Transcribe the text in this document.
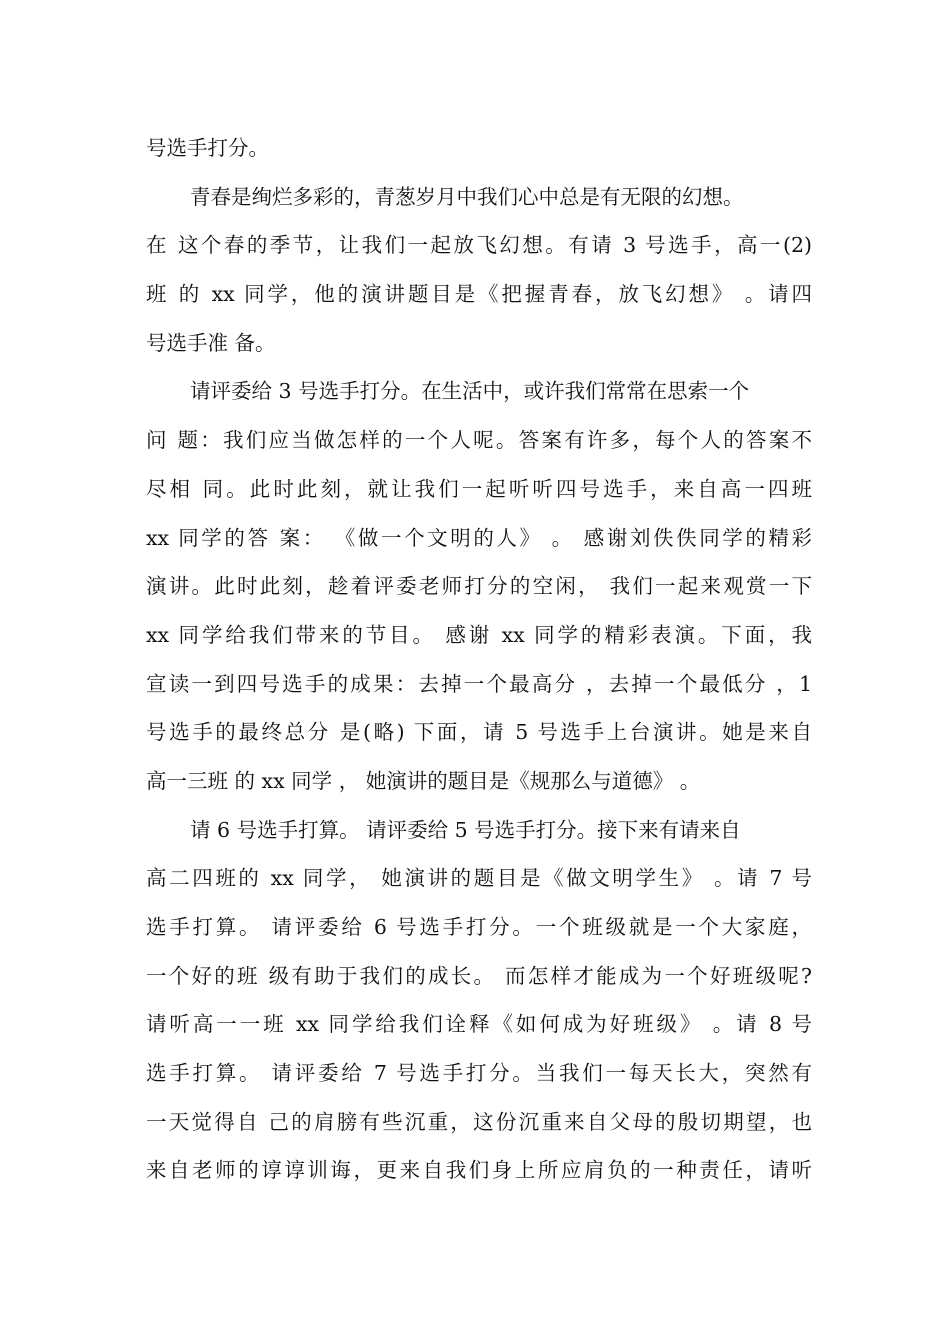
号选手打分。
青春是绚烂多彩的，青葱岁月中我们心中总是有无限的幻想。
在 这个春的季节，让我们一起放飞幻想。有请 3 号选手，高一(2)
班 的 xx 同学，他的演讲题目是《把握青春，放飞幻想》 。请四
号选手准 备。
请评委给 3 号选手打分。在生活中，或许我们常常在思索一个
问 题：我们应当做怎样的一个人呢。答案有许多，每个人的答案不
尽相 同。此时此刻，就让我们一起听听四号选手，来自高一四班
xx 同学的答 案： 《做一个文明的人》 。 感谢刘佚佚同学的精彩
演讲。此时此刻，趁着评委老师打分的空闲， 我们一起来观赏一下
xx 同学给我们带来的节目。 感谢 xx 同学的精彩表演。下面，我
宣读一到四号选手的成果：去掉一个最高分 ，去掉一个最低分 ，1
号选手的最终总分 是(略) 下面，请 5 号选手上台演讲。她是来自
高一三班 的 xx 同学 ， 她演讲的题目是《规那么与道德》 。
请 6 号选手打算。 请评委给 5 号选手打分。接下来有请来自
高二四班的 xx 同学， 她演讲的题目是《做文明学生》 。请 7 号
选手打算。 请评委给 6 号选手打分。一个班级就是一个大家庭，
一个好的班 级有助于我们的成长。 而怎样才能成为一个好班级呢?
请听高一一班 xx 同学给我们诠释《如何成为好班级》 。请 8 号
选手打算。 请评委给 7 号选手打分。当我们一每天长大，突然有
一天觉得自 己的肩膀有些沉重，这份沉重来自父母的殷切期望，也
来自老师的谆谆训诲，更来自我们身上所应肩负的一种责任，请听
